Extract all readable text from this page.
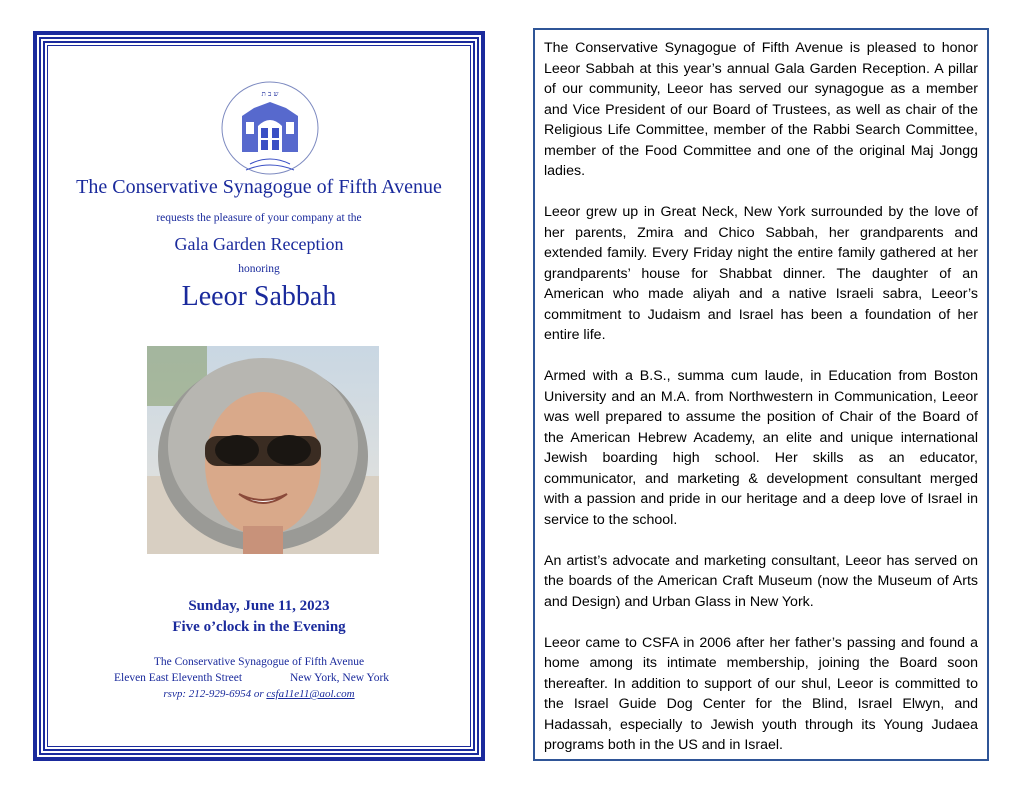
ש ב ת
The Conservative Synagogue of Fifth Avenue
requests the pleasure of your company at the
Gala Garden Reception
honoring
Leeor Sabbah
Sunday, June 11, 2023
Five o’clock in the Evening
The Conservative Synagogue of Fifth Avenue
Eleven East Eleventh Street	New York, New York
rsvp: 212-929-6954 or csfa11e11@aol.com

The Conservative Synagogue of Fifth Avenue is pleased to honor Leeor Sabbah at this year’s annual Gala Garden Reception. A pillar of our community, Leeor has served our synagogue as a member and Vice President of our Board of Trustees, as well as chair of the Religious Life Committee, member of the Rabbi Search Committee, member of the Food Committee and one of the original Maj Jongg ladies.

Leeor grew up in Great Neck, New York surrounded by the love of her parents, Zmira and Chico Sabbah, her grandparents and extended family. Every Friday night the entire family gathered at her grandparents’ house for Shabbat dinner. The daughter of an American who made aliyah and a native Israeli sabra, Leeor’s commitment to Judaism and Israel has been a foundation of her entire life.

Armed with a B.S., summa cum laude, in Education from Boston University and an M.A. from Northwestern in Communication, Leeor was well prepared to assume the position of Chair of the Board of the American Hebrew Academy, an elite and unique international Jewish boarding high school. Her skills as an educator, communicator, and marketing & development consultant merged with a passion and pride in our heritage and a deep love of Israel in service to the school.

An artist’s advocate and marketing consultant, Leeor has served on the boards of the American Craft Museum (now the Museum of Arts and Design) and Urban Glass in New York.

Leeor came to CSFA in 2006 after her father’s passing and found a home among its intimate membership, joining the Board soon thereafter. In addition to support of our shul, Leeor is committed to the Israel Guide Dog Center for the Blind, Israel Elwyn, and Hadassah, especially to Jewish youth through its Young Judaea programs both in the US and in Israel.
